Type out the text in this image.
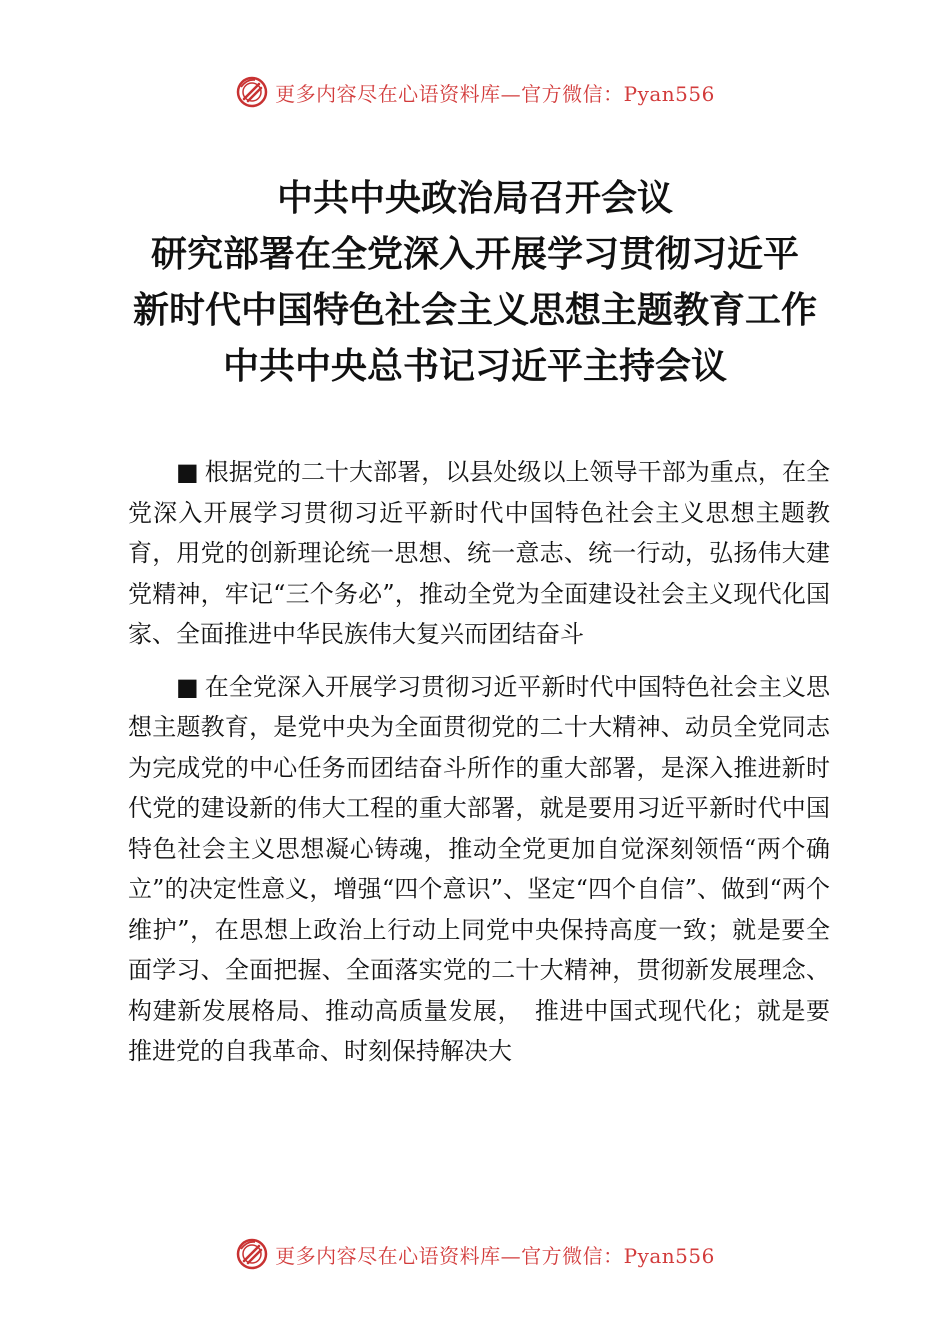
更多内容尽在心语资料库—官方微信：Pyan556
中共中央政治局召开会议
研究部署在全党深入开展学习贯彻习近平
新时代中国特色社会主义思想主题教育工作
中共中央总书记习近平主持会议

■ 根据党的二十大部署，以县处级以上领导干部为重点，在全党深入开展学习贯彻习近平新时代中国特色社会主义思想主题教育，用党的创新理论统一思想、统一意志、统一行动，弘扬伟大建党精神，牢记“三个务必”，推动全党为全面建设社会主义现代化国家、全面推进中华民族伟大复兴而团结奋斗

■ 在全党深入开展学习贯彻习近平新时代中国特色社会主义思想主题教育，是党中央为全面贯彻党的二十大精神、动员全党同志为完成党的中心任务而团结奋斗所作的重大部署，是深入推进新时代党的建设新的伟大工程的重大部署，就是要用习近平新时代中国特色社会主义思想凝心铸魂，推动全党更加自觉深刻领悟“两个确立”的决定性意义，增强“四个意识”、坚定“四个自信”、做到“两个维护”，在思想上政治上行动上同党中央保持高度一致；就是要全面学习、全面把握、全面落实党的二十大精神，贯彻新发展理念、构建新发展格局、推动高质量发展，　推进中国式现代化；就是要推进党的自我革命、时刻保持解决大

更多内容尽在心语资料库—官方微信：Pyan556
